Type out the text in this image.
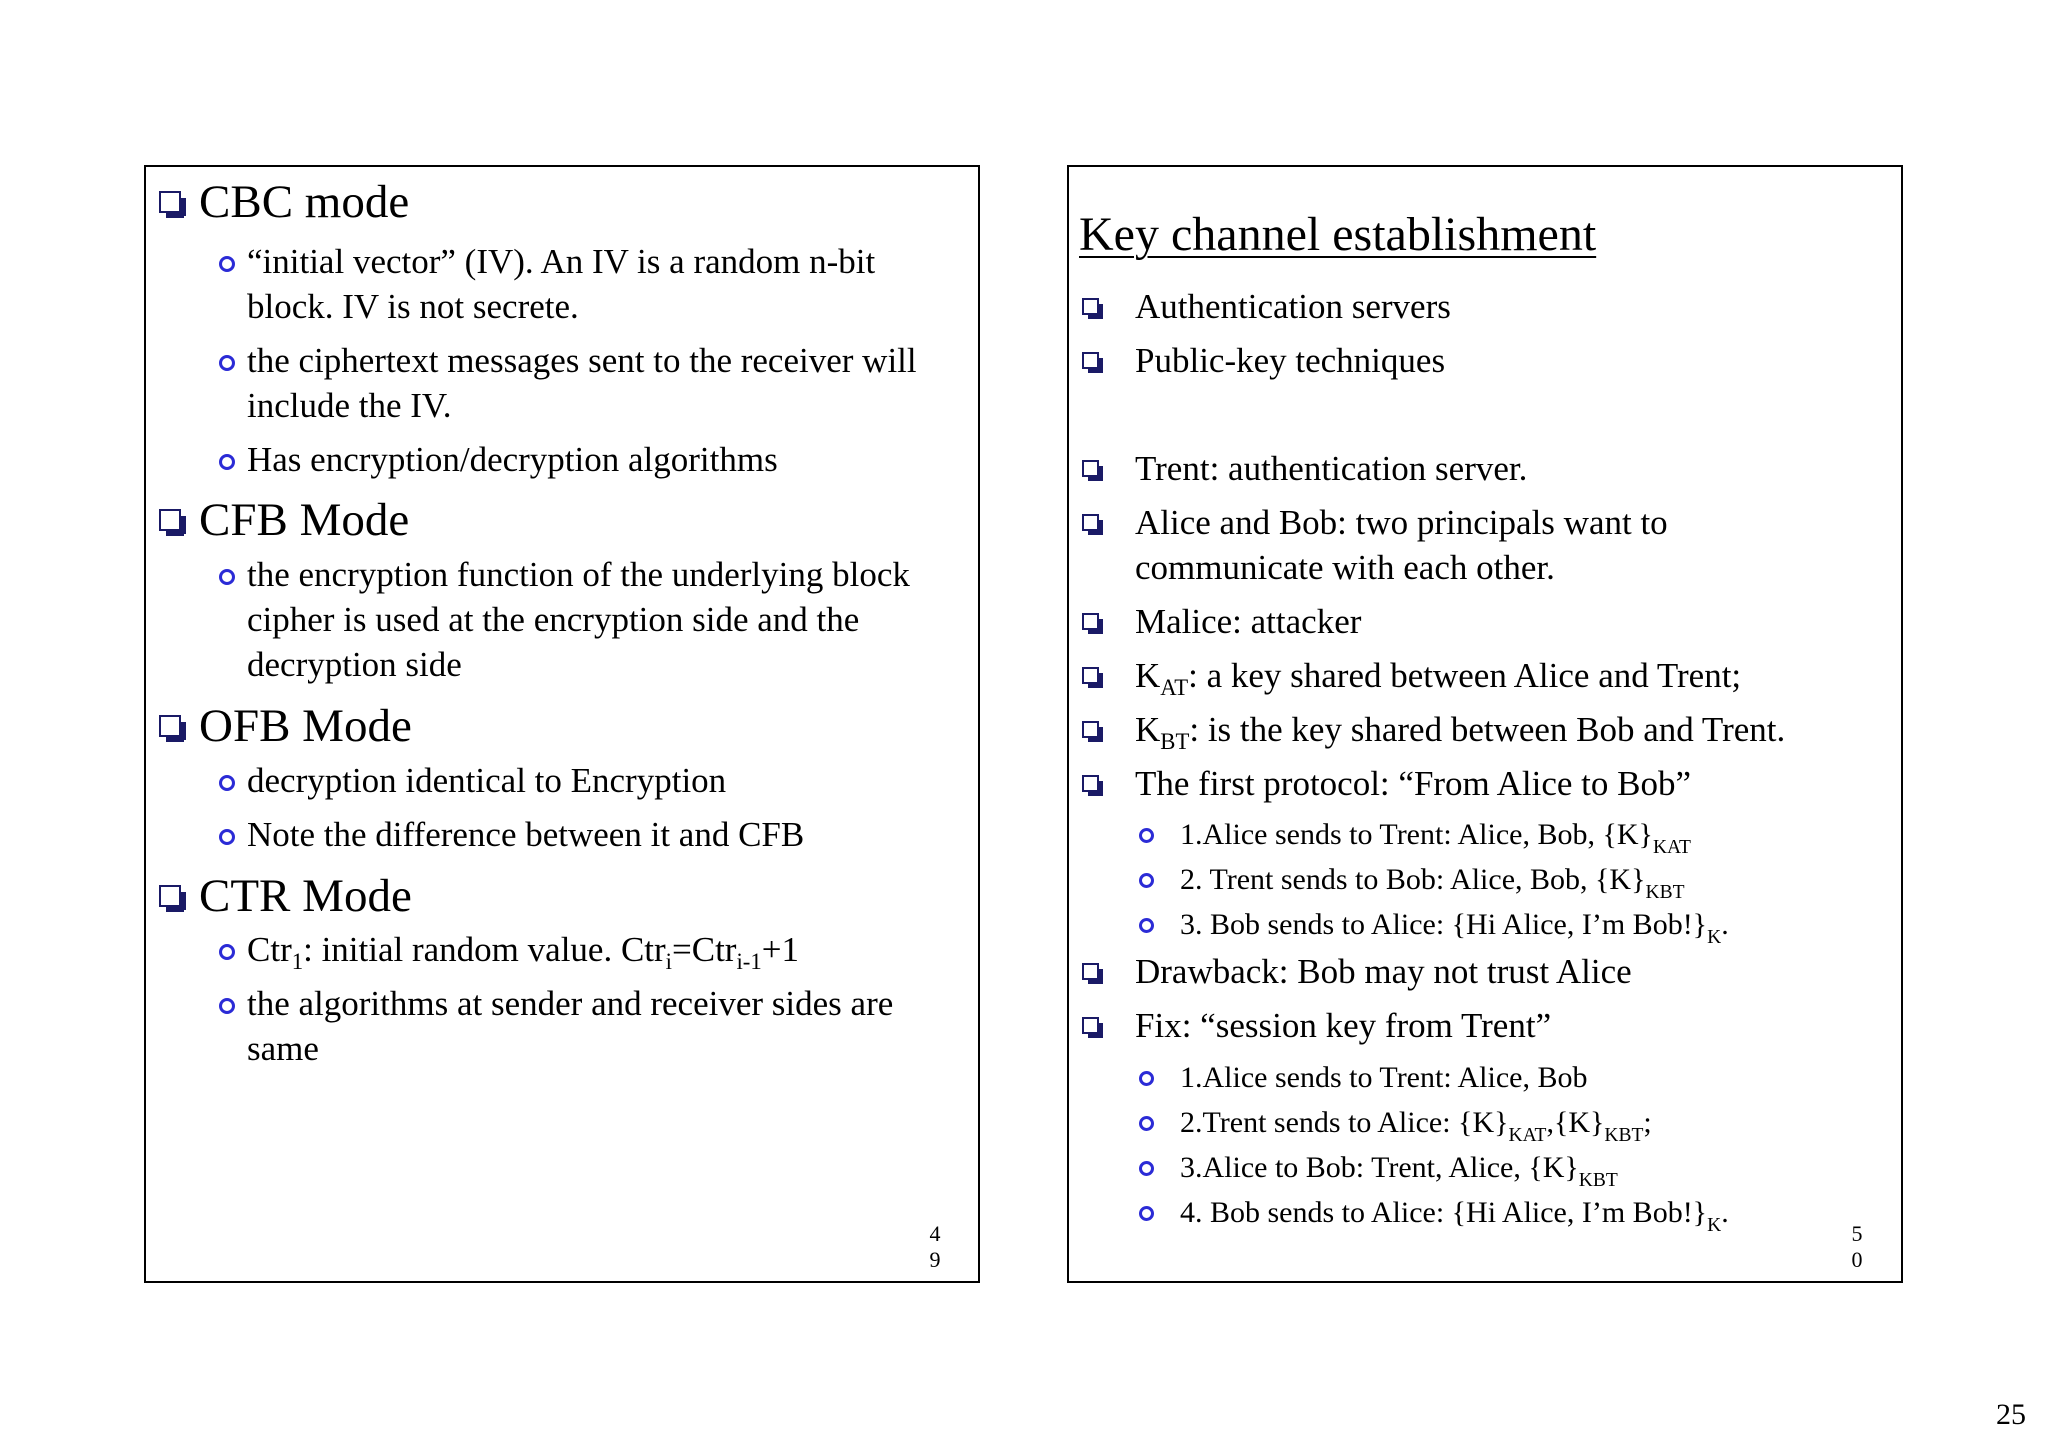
CBC mode
“initial vector” (IV). An IV is a random n-bit
block. IV is not secrete.
the ciphertext messages sent to the receiver will
include the IV.
Has encryption/decryption algorithms
CFB Mode
the encryption function of the underlying block
cipher is used at the encryption side and the
decryption side
OFB Mode
decryption identical to Encryption
Note the difference between it and CFB
CTR Mode
Ctr$_1$: initial random value. Ctr$_i$=Ctr$_{i-1}$+1
the algorithms at sender and receiver sides are
same
4
9
Key channel establishment
Authentication servers
Public-key techniques
Trent: authentication server.
Alice and Bob: two principals want to
communicate with each other.
Malice: attacker
$K_{AT}$: a key shared between Alice and Trent;
$K_{BT}$: is the key shared between Bob and Trent.
The first protocol: “From Alice to Bob”
1.Alice sends to Trent: Alice, Bob, $\{K\}_{KAT}$
2. Trent sends to Bob: Alice, Bob, $\{K\}_{KBT}$
3. Bob sends to Alice: {Hi Alice, I’m $Bob!\}_K$.
Drawback: Bob may not trust Alice
Fix: “session key from Trent”
1.Alice sends to Trent: Alice, Bob
2.Trent sends to Alice: $\{K\}_{KAT},\{K\}_{KBT}$;
3.Alice to Bob: Trent, Alice, $\{K\}_{KBT}$
4. Bob sends to Alice: {Hi Alice, I’m $Bob!\}_K$.
5
0
25
